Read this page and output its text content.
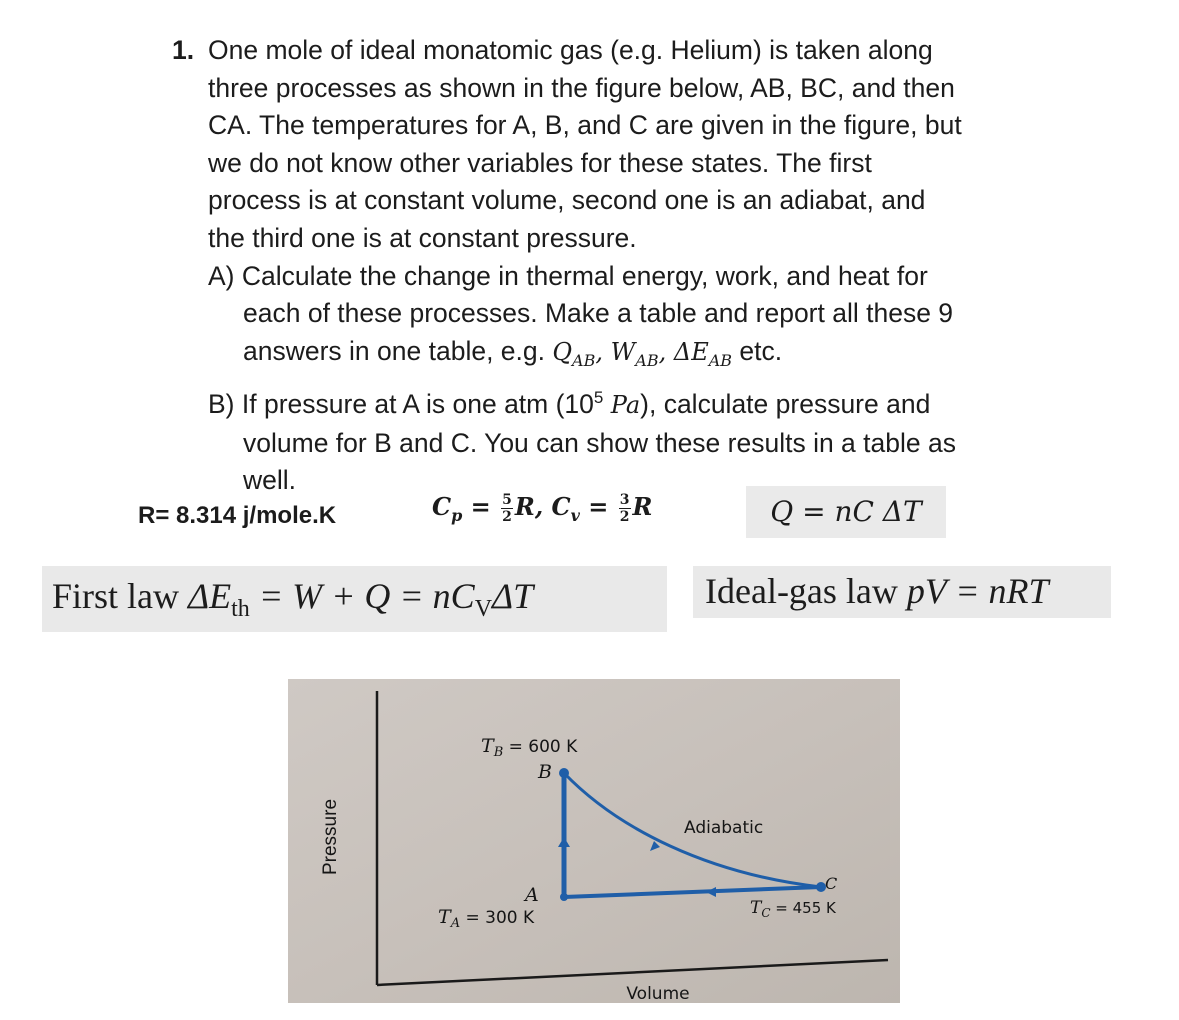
1. One mole of ideal monatomic gas (e.g. Helium) is taken along
three processes as shown in the figure below, AB, BC, and then
CA. The temperatures for A, B, and C are given in the figure, but
we do not know other variables for these states. The first
process is at constant volume, second one is an adiabat, and
the third one is at constant pressure.
A) Calculate the change in thermal energy, work, and heat for
each of these processes. Make a table and report all these 9
answers in one table, e.g. $Q_{AB}$, $W_{AB}$, $\Delta E_{AB}$ etc.
B) If pressure at A is one atm ($10^5$ Pa), calculate pressure and
volume for B and C. You can show these results in a table as
well.
R= 8.314 j/mole.K	$C_p = \frac{5}{2} R$, $C_v = \frac{3}{2}$ R	Q = nC ΔT
First law $\Delta E_{th} = W + Q = nC_V\Delta T$	Ideal-gas law pV = nRT
Pressure
Volume
$T_B = 600$ K
B
Adiabatic
C
$T_C = 455$ K
A
$T_A = 300$ K
